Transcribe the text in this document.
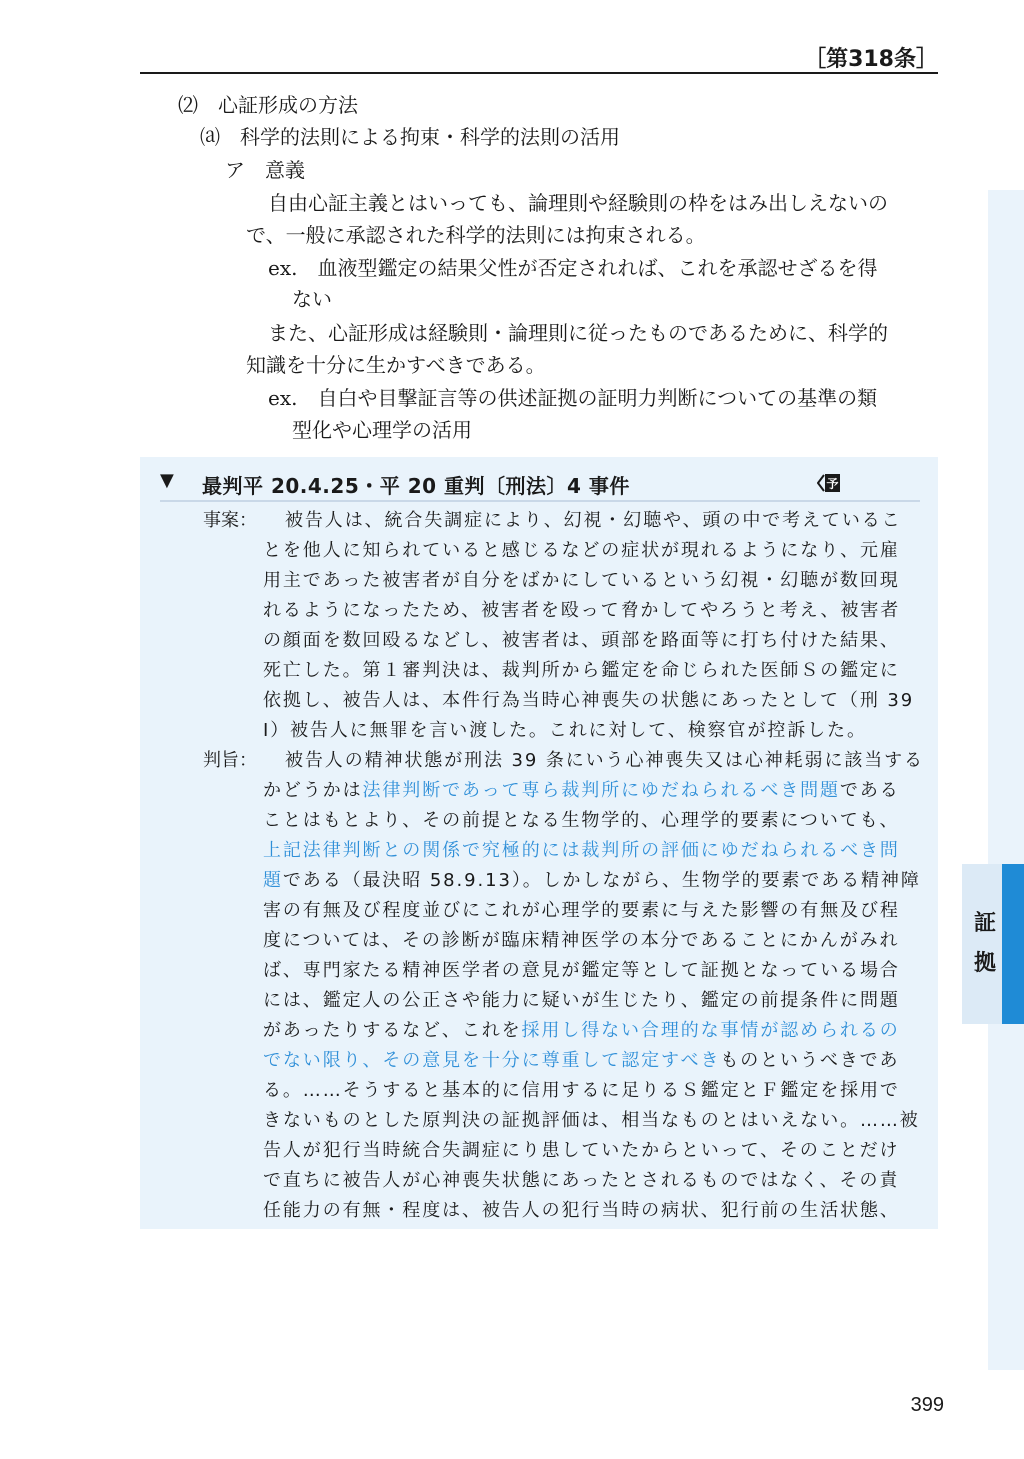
［第318条］
⑵　心証形成の方法
⒜　科学的法則による拘束・科学的法則の活用
ア　意義
自由心証主義とはいっても、論理則や経験則の枠をはみ出しえないの
で、一般に承認された科学的法則には拘束される。
ex.　血液型鑑定の結果父性が否定されれば、これを承認せざるを得
ない
また、心証形成は経験則・論理則に従ったものであるために、科学的
知識を十分に生かすべきである。
ex.　自白や目撃証言等の供述証拠の証明力判断についての基準の類
型化や心理学の活用
▼ 最判平 20.4.25・平 20 重判〔刑法〕4 事件	予
事案： 被告人は、統合失調症により、幻視・幻聴や、頭の中で考えているこ
とを他人に知られていると感じるなどの症状が現れるようになり、元雇
用主であった被害者が自分をばかにしているという幻視・幻聴が数回現
れるようになったため、被害者を殴って脅かしてやろうと考え、被害者
の顔面を数回殴るなどし、被害者は、頭部を路面等に打ち付けた結果、
死亡した。第１審判決は、裁判所から鑑定を命じられた医師Ｓの鑑定に
依拠し、被告人は、本件行為当時心神喪失の状態にあったとして（刑 39
Ⅰ）被告人に無罪を言い渡した。これに対して、検察官が控訴した。
判旨： 被告人の精神状態が刑法 39 条にいう心神喪失又は心神耗弱に該当する
かどうかは法律判断であって専ら裁判所にゆだねられるべき問題である
ことはもとより、その前提となる生物学的、心理学的要素についても、
上記法律判断との関係で究極的には裁判所の評価にゆだねられるべき問
題である（最決昭 58.9.13）。しかしながら、生物学的要素である精神障
害の有無及び程度並びにこれが心理学的要素に与えた影響の有無及び程
度については、その診断が臨床精神医学の本分であることにかんがみれ
ば、専門家たる精神医学者の意見が鑑定等として証拠となっている場合
には、鑑定人の公正さや能力に疑いが生じたり、鑑定の前提条件に問題
があったりするなど、これを採用し得ない合理的な事情が認められるの
でない限り、その意見を十分に尊重して認定すべきものというべきであ
る。……そうすると基本的に信用するに足りるＳ鑑定とＦ鑑定を採用で
きないものとした原判決の証拠評価は、相当なものとはいえない。……被
告人が犯行当時統合失調症にり患していたからといって、そのことだけ
で直ちに被告人が心神喪失状態にあったとされるものではなく、その責
任能力の有無・程度は、被告人の犯行当時の病状、犯行前の生活状態、
証
拠
399
